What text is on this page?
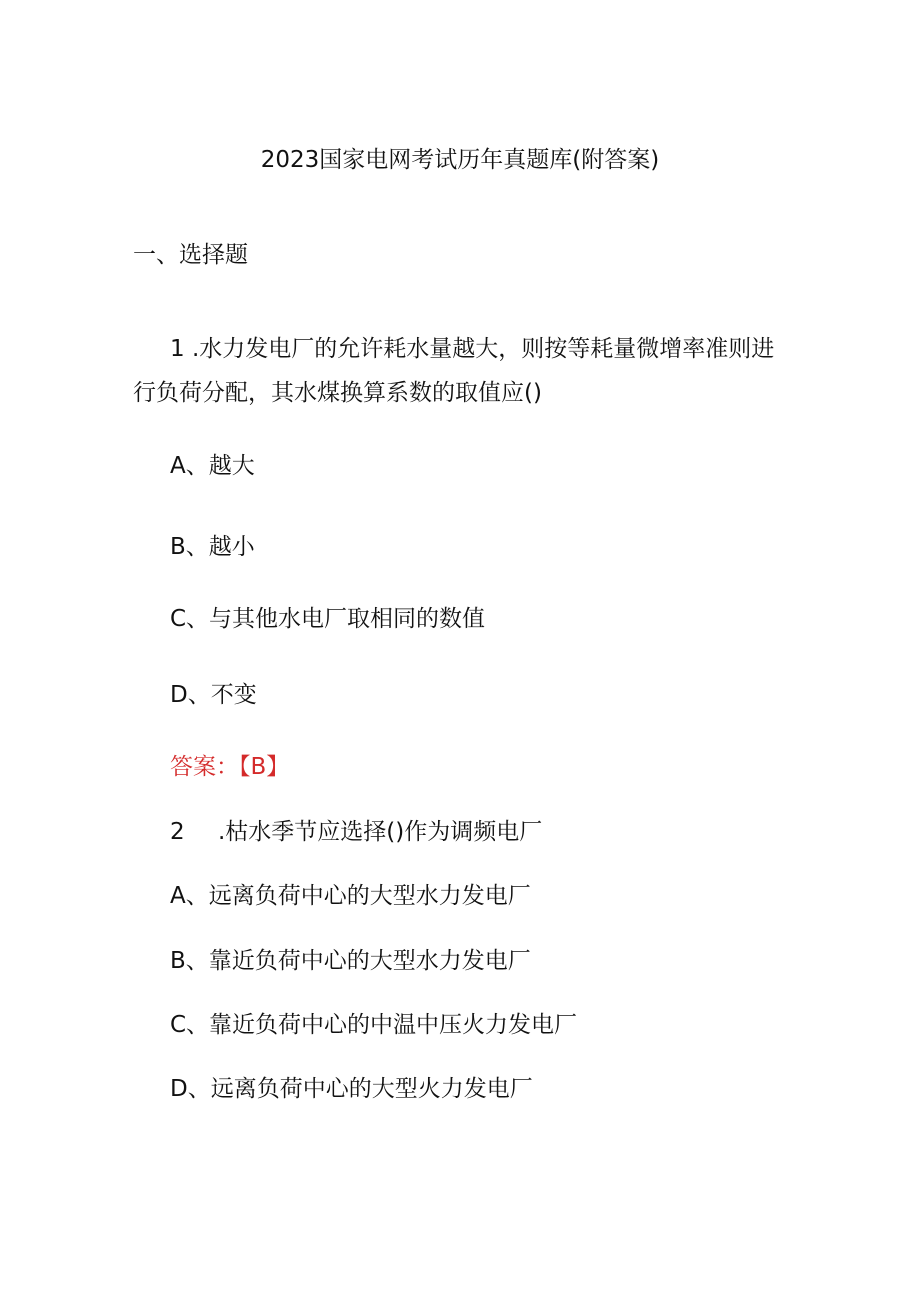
2023国家电网考试历年真题库(附答案)
一、选择题
1 .水力发电厂的允许耗水量越大，则按等耗量微增率准则进
行负荷分配，其水煤换算系数的取值应()
A、越大
B、越小
C、与其他水电厂取相同的数值
D、不变
答案：【B】
2 .枯水季节应选择()作为调频电厂
A、远离负荷中心的大型水力发电厂
B、靠近负荷中心的大型水力发电厂
C、靠近负荷中心的中温中压火力发电厂
D、远离负荷中心的大型火力发电厂
